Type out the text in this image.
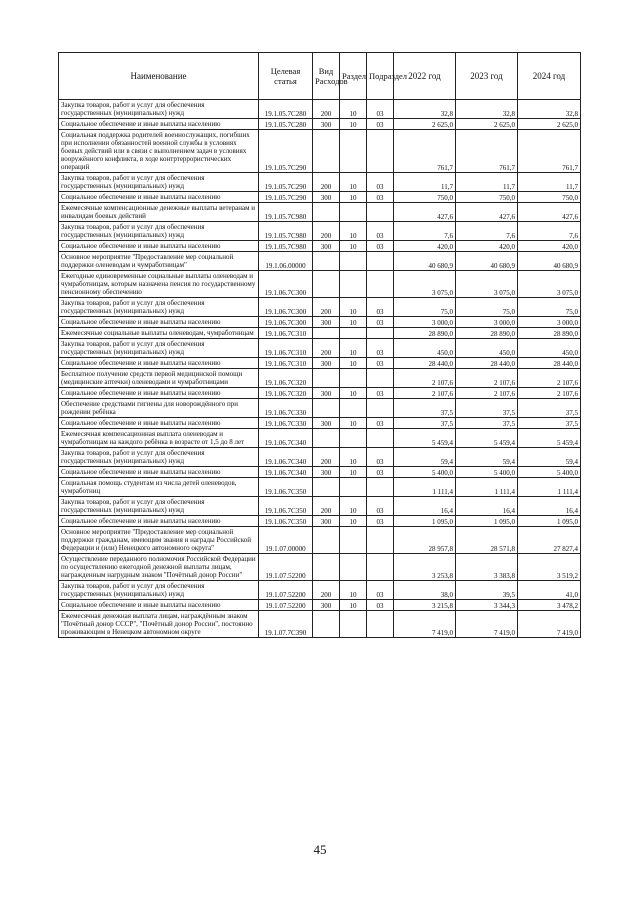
Наименование	Целевая статья	Вид Расходов	Раздел	Подраздел	2022 год	2023 год	2024 год
Закупка товаров, работ и услуг для обеспечения государственных (муниципальных) нужд	19.1.05.7С280	200	10	03	32,8	32,8	32,8
Социальное обеспечение и иные выплаты населению	19.1.05.7С280	300	10	03	2 625,0	2 625,0	2 625,0
Социальная поддержка родителей военнослужащих, погибших при исполнении обязанностей военной службы в условиях боевых действий или в связи с выполнением задач в условиях вооружённого конфликта, в ходе контртеррористических операций	19.1.05.7С290				761,7	761,7	761,7
Закупка товаров, работ и услуг для обеспечения государственных (муниципальных) нужд	19.1.05.7С290	200	10	03	11,7	11,7	11,7
Социальное обеспечение и иные выплаты населению	19.1.05.7С290	300	10	03	750,0	750,0	750,0
Ежемесячные компенсационные денежные выплаты ветеранам и инвалидам боевых действий	19.1.05.7С980				427,6	427,6	427,6
Закупка товаров, работ и услуг для обеспечения государственных (муниципальных) нужд	19.1.05.7С980	200	10	03	7,6	7,6	7,6
Социальное обеспечение и иные выплаты населению	19.1.05.7С980	300	10	03	420,0	420,0	420,0
Основное мероприятие "Предоставление мер социальной поддержки оленеводам и чумработницам"	19.1.06.00000				40 680,9	40 680,9	40 680,9
Ежегодные единовременные социальные выплаты оленеводам и чумработницам, которым назначена пенсия по государственному пенсионному обеспечению	19.1.06.7С300				3 075,0	3 075,0	3 075,0
Закупка товаров, работ и услуг для обеспечения государственных (муниципальных) нужд	19.1.06.7С300	200	10	03	75,0	75,0	75,0
Социальное обеспечение и иные выплаты населению	19.1.06.7С300	300	10	03	3 000,0	3 000,0	3 000,0
Ежемесячные социальные выплаты оленеводам, чумработницам	19.1.06.7С310				28 890,0	28 890,0	28 890,0
Закупка товаров, работ и услуг для обеспечения государственных (муниципальных) нужд	19.1.06.7С310	200	10	03	450,0	450,0	450,0
Социальное обеспечение и иные выплаты населению	19.1.06.7С310	300	10	03	28 440,0	28 440,0	28 440,0
Бесплатное получение средств первой медицинской помощи (медицинские аптечки) оленеводами и чумработницами	19.1.06.7С320				2 107,6	2 107,6	2 107,6
Социальное обеспечение и иные выплаты населению	19.1.06.7С320	300	10	03	2 107,6	2 107,6	2 107,6
Обеспечение средствами гигиены для новорождённого при рождении ребёнка	19.1.06.7С330				37,5	37,5	37,5
Социальное обеспечение и иные выплаты населению	19.1.06.7С330	300	10	03	37,5	37,5	37,5
Ежемесячная компенсационная выплата оленеводам и чумработницам на каждого ребёнка в возрасте от 1,5 до 8 лет	19.1.06.7С340				5 459,4	5 459,4	5 459,4
Закупка товаров, работ и услуг для обеспечения государственных (муниципальных) нужд	19.1.06.7С340	200	10	03	59,4	59,4	59,4
Социальное обеспечение и иные выплаты населению	19.1.06.7С340	300	10	03	5 400,0	5 400,0	5 400,0
Социальная помощь студентам из числа детей оленеводов, чумработниц	19.1.06.7С350				1 111,4	1 111,4	1 111,4
Закупка товаров, работ и услуг для обеспечения государственных (муниципальных) нужд	19.1.06.7С350	200	10	03	16,4	16,4	16,4
Социальное обеспечение и иные выплаты населению	19.1.06.7С350	300	10	03	1 095,0	1 095,0	1 095,0
Основное мероприятие "Предоставление мер социальной поддержки гражданам, имеющим звания и награды Российской Федерации и (или) Ненецкого автономного округа"	19.1.07.00000				28 957,8	28 571,8	27 827,4
Осуществление переданного полномочия Российской Федерации по осуществлению ежегодной денежной выплаты лицам, награжденным нагрудным знаком "Почётный донор России"	19.1.07.52200				3 253,8	3 383,8	3 519,2
Закупка товаров, работ и услуг для обеспечения государственных (муниципальных) нужд	19.1.07.52200	200	10	03	38,0	39,5	41,0
Социальное обеспечение и иные выплаты населению	19.1.07.52200	300	10	03	3 215,8	3 344,3	3 478,2
Ежемесячная денежная выплата лицам, награждённым знаком "Почётный донор СССР", "Почётный донор России", постоянно проживающим в Ненецком автономном округе	19.1.07.7С390				7 419,0	7 419,0	7 419,0
45
